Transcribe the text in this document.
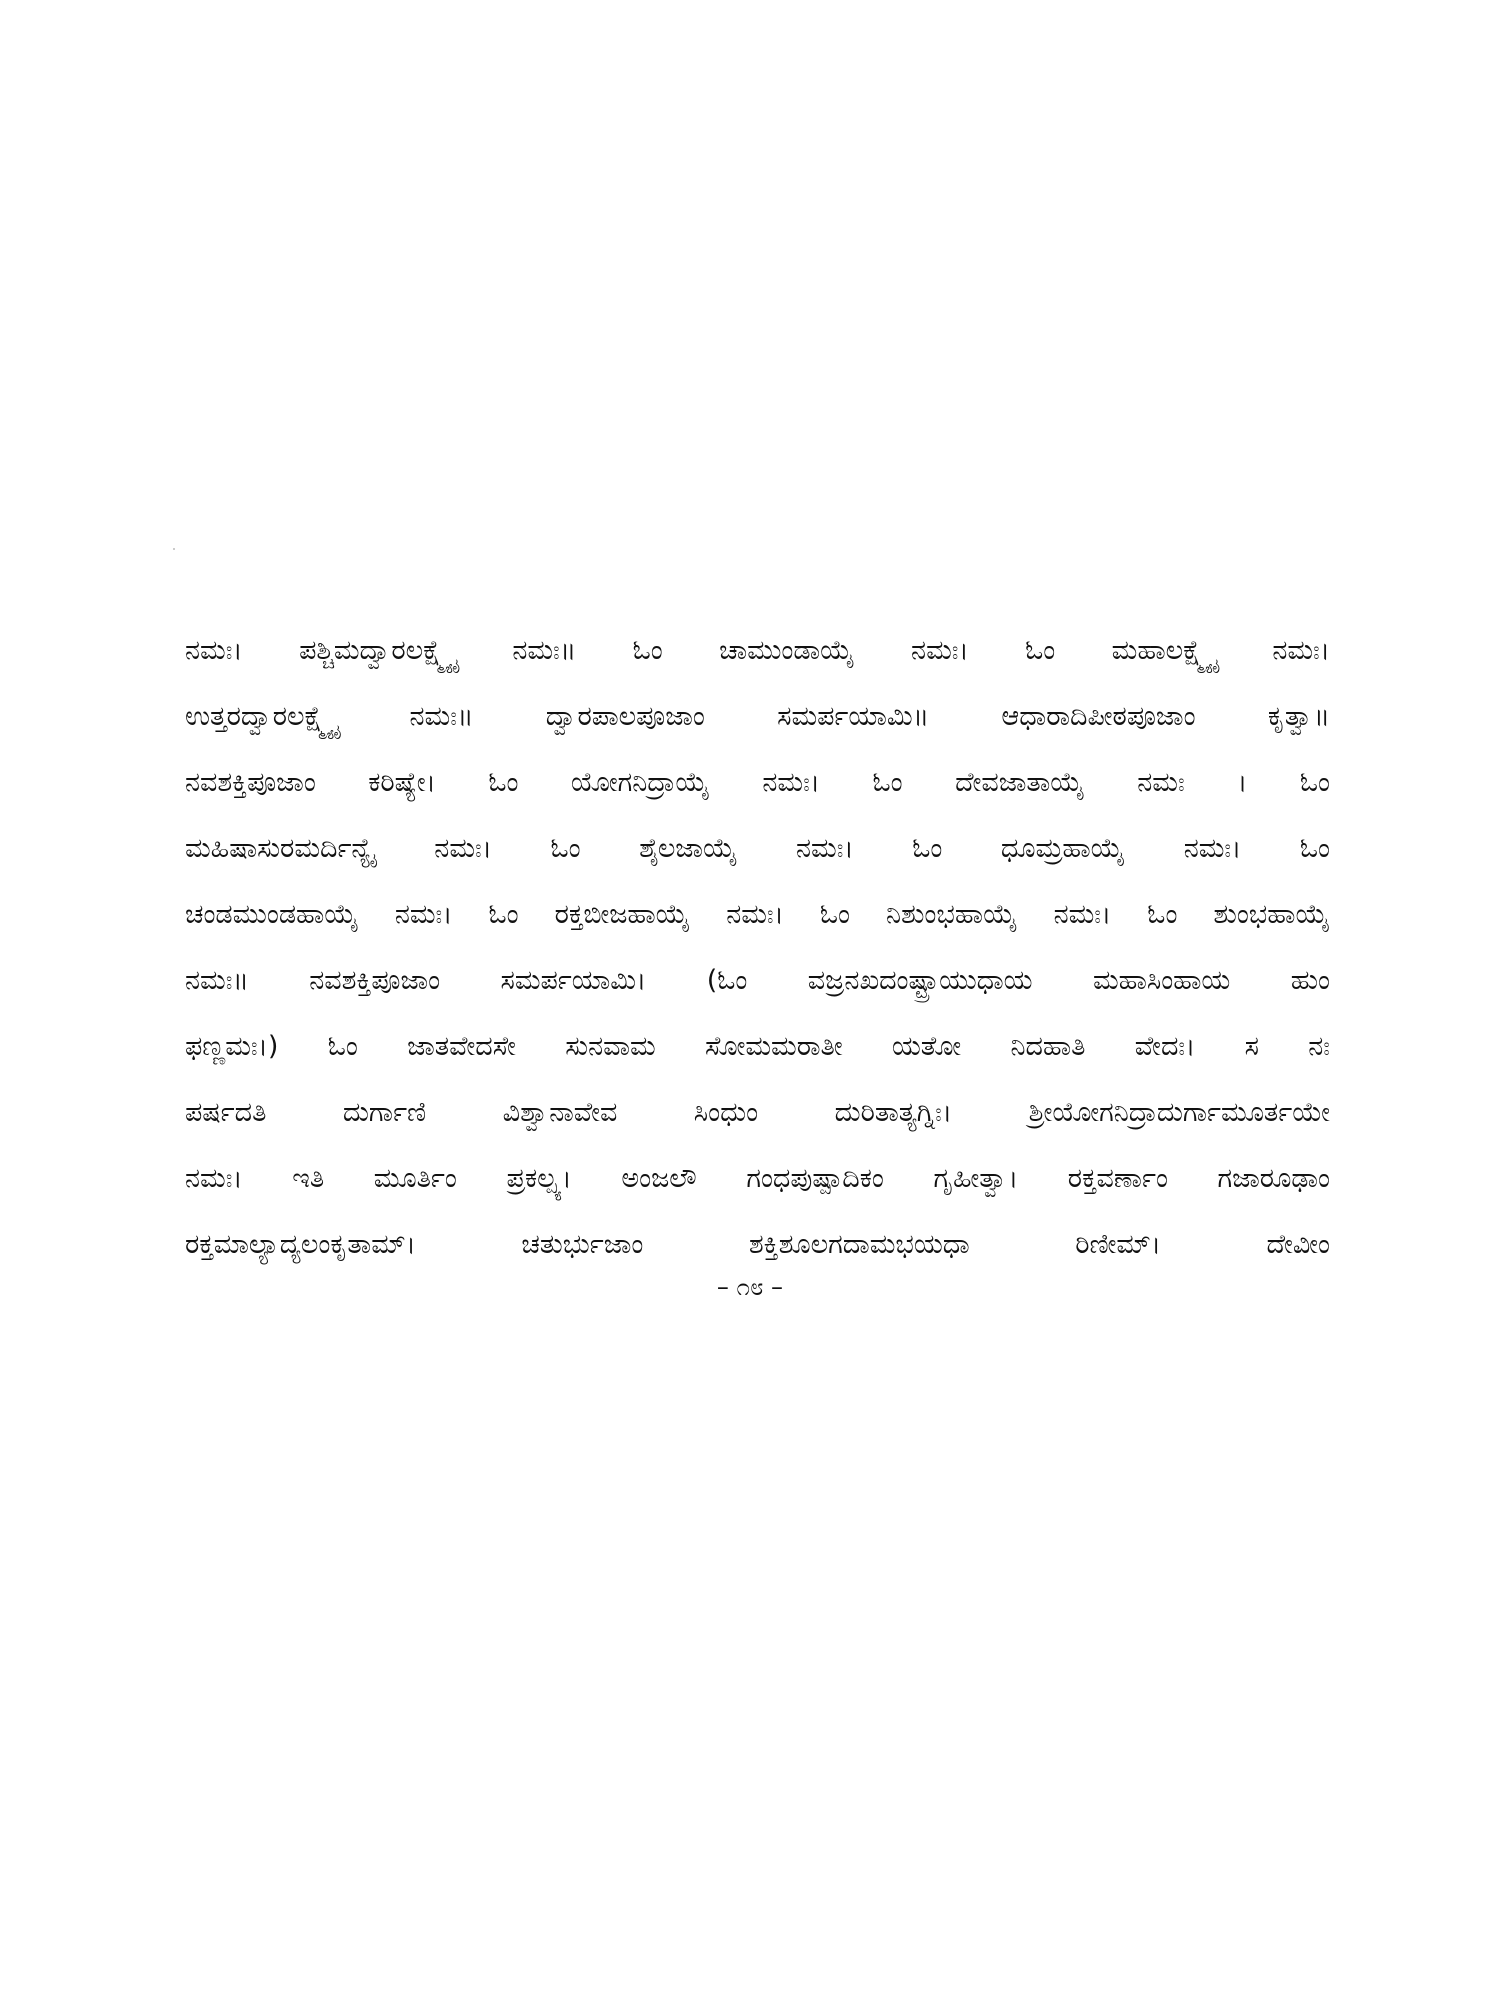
ನಮಃ। ಪಶ್ಚಿಮದ್ವಾರಲಕ್ಷ್ಮ್ಯೈ ನಮಃ॥ ಓಂ ಚಾಮುಂಡಾಯೈ ನಮಃ। ಓಂ ಮಹಾಲಕ್ಷ್ಮ್ಯೈ ನಮಃ।
ಉತ್ತರದ್ವಾರಲಕ್ಷ್ಮ್ಯೈ ನಮಃ॥ ದ್ವಾರಪಾಲಪೂಜಾಂ ಸಮರ್ಪಯಾಮಿ॥ ಆಧಾರಾದಿಪೀಠಪೂಜಾಂ ಕೃತ್ವಾ॥
ನವಶಕ್ತಿಪೂಜಾಂ ಕರಿಷ್ಯೇ। ಓಂ ಯೋಗನಿದ್ರಾಯೈ ನಮಃ। ಓಂ ದೇವಜಾತಾಯೈ ನಮಃ । ಓಂ
ಮಹಿಷಾಸುರಮರ್ದಿನ್ಯೈ ನಮಃ। ಓಂ ಶೈಲಜಾಯೈ ನಮಃ। ಓಂ ಧೂಮ್ರಹಾಯೈ ನಮಃ। ಓಂ
ಚಂಡಮುಂಡಹಾಯೈ ನಮಃ। ಓಂ ರಕ್ತಬೀಜಹಾಯೈ ನಮಃ। ಓಂ ನಿಶುಂಭಹಾಯೈ ನಮಃ। ಓಂ ಶುಂಭಹಾಯೈ
ನಮಃ॥ ನವಶಕ್ತಿಪೂಜಾಂ ಸಮರ್ಪಯಾಮಿ। (ಓಂ ವಜ್ರನಖದಂಷ್ಟ್ರಾಯುಧಾಯ ಮಹಾಸಿಂಹಾಯ ಹುಂ
ಫಣ್ಣಮಃ।) ಓಂ ಜಾತವೇದಸೇ ಸುನವಾಮ ಸೋಮಮರಾತೀ ಯತೋ ನಿದಹಾತಿ ವೇದಃ। ಸ ನಃ
ಪರ್ಷದತಿ ದುರ್ಗಾಣಿ ವಿಶ್ವಾನಾವೇವ ಸಿಂಧುಂ ದುರಿತಾತ್ಯಗ್ನಿಃ। ಶ್ರೀಯೋಗನಿದ್ರಾದುರ್ಗಾಮೂರ್ತಯೇ
ನಮಃ। ಇತಿ ಮೂರ್ತಿಂ ಪ್ರಕಲ್ಪ್ಯ। ಅಂಜಲೌ ಗಂಧಪುಷ್ಪಾದಿಕಂ ಗೃಹೀತ್ವಾ। ರಕ್ತವರ್ಣಾಂ ಗಜಾರೂಢಾಂ
ರಕ್ತಮಾಲ್ಯಾದ್ಯಲಂಕೃತಾಮ್। ಚತುರ್ಭುಜಾಂ ಶಕ್ತಿಶೂಲಗದಾಮಭಯಧಾ ರಿಣೀಮ್। ದೇವೀಂ
– ೧೮ –
